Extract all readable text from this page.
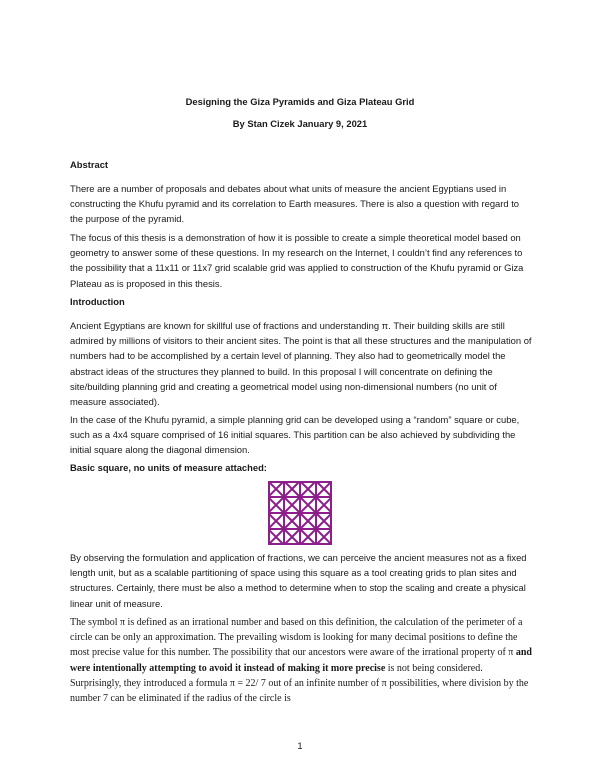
Designing the Giza Pyramids and Giza Plateau Grid
By Stan Cizek January 9, 2021
Abstract

There are a number of proposals and debates about what units of measure the ancient Egyptians used in constructing the Khufu pyramid and its correlation to Earth measures. There is also a question with regard to the purpose of the pyramid.

The focus of this thesis is a demonstration of how it is possible to create a simple theoretical model based on geometry to answer some of these questions. In my research on the Internet, I couldn’t find any references to the possibility that a 11x11 or 11x7 grid scalable grid was applied to construction of the Khufu pyramid or Giza Plateau as is proposed in this thesis.

Introduction

Ancient Egyptians are known for skillful use of fractions and understanding π. Their building skills are still admired by millions of visitors to their ancient sites. The point is that all these structures and the manipulation of numbers had to be accomplished by a certain level of planning. They also had to geometrically model the abstract ideas of the structures they planned to build. In this proposal I will concentrate on defining the site/building planning grid and creating a geometrical model using non-dimensional numbers (no unit of measure associated).

In the case of the Khufu pyramid, a simple planning grid can be developed using a “random” square or cube, such as a 4x4 square comprised of 16 initial squares. This partition can be also achieved by subdividing the initial square along the diagonal dimension.

Basic square, no units of measure attached:

By observing the formulation and application of fractions, we can perceive the ancient measures not as a fixed length unit, but as a scalable partitioning of space using this square as a tool creating grids to plan sites and structures. Certainly, there must be also a method to determine when to stop the scaling and create a physical linear unit of measure.

The symbol π is defined as an irrational number and based on this definition, the calculation of the perimeter of a circle can be only an approximation. The prevailing wisdom is looking for many decimal positions to define the most precise value for this number. The possibility that our ancestors were aware of the irrational property of π and were intentionally attempting to avoid it instead of making it more precise is not being considered. Surprisingly, they introduced a formula π = 22/ 7 out of an infinite number of π possibilities, where division by the number 7 can be eliminated if the radius of the circle is

1
